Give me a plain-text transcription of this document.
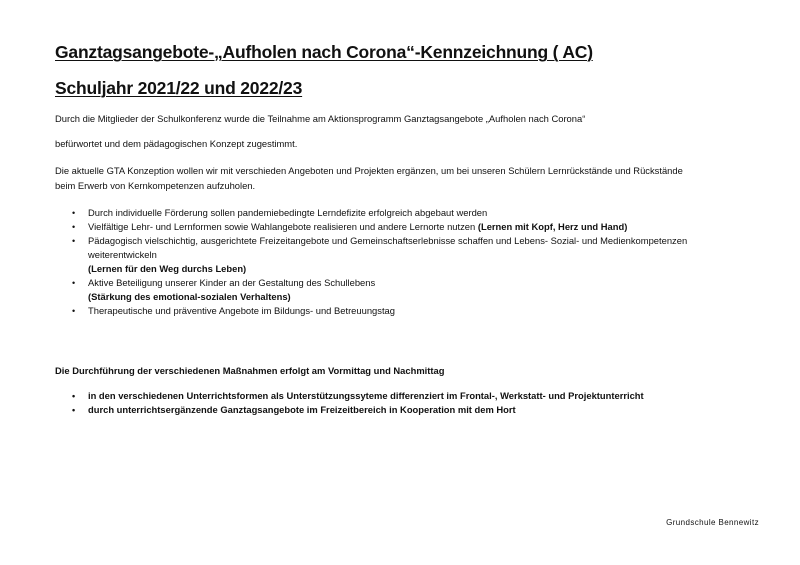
Ganztagsangebote-„Aufholen nach Corona“-Kennzeichnung ( AC)
Schuljahr 2021/22 und 2022/23
Durch die Mitglieder der Schulkonferenz wurde die Teilnahme am Aktionsprogramm Ganztagsangebote „Aufholen nach Corona“
befürwortet und dem pädagogischen Konzept zugestimmt.
Die aktuelle GTA Konzeption wollen wir mit verschieden Angeboten und Projekten ergänzen, um bei unseren Schülern Lernrückstände und Rückstände
beim Erwerb von Kernkompetenzen aufzuholen.
• Durch individuelle Förderung sollen pandemiebedingte Lerndefizite erfolgreich abgebaut werden
• Vielfältige Lehr- und Lernformen sowie Wahlangebote realisieren und andere Lernorte nutzen (Lernen mit Kopf, Herz und Hand)
• Pädagogisch vielschichtig, ausgerichtete Freizeitangebote und Gemeinschaftserlebnisse schaffen und Lebens- Sozial- und Medienkompetenzen
weiterentwickeln
(Lernen für den Weg durchs Leben)
• Aktive Beteiligung unserer Kinder an der Gestaltung des Schullebens
(Stärkung des emotional-sozialen Verhaltens)
• Therapeutische und präventive Angebote im Bildungs- und Betreuungstag
Die Durchführung der verschiedenen Maßnahmen erfolgt am Vormittag und Nachmittag
• in den verschiedenen Unterrichtsformen als Unterstützungssyteme differenziert im Frontal-, Werkstatt- und Projektunterricht
• durch unterrichtsergänzende Ganztagsangebote im Freizeitbereich in Kooperation mit dem Hort
Grundschule Bennewitz
